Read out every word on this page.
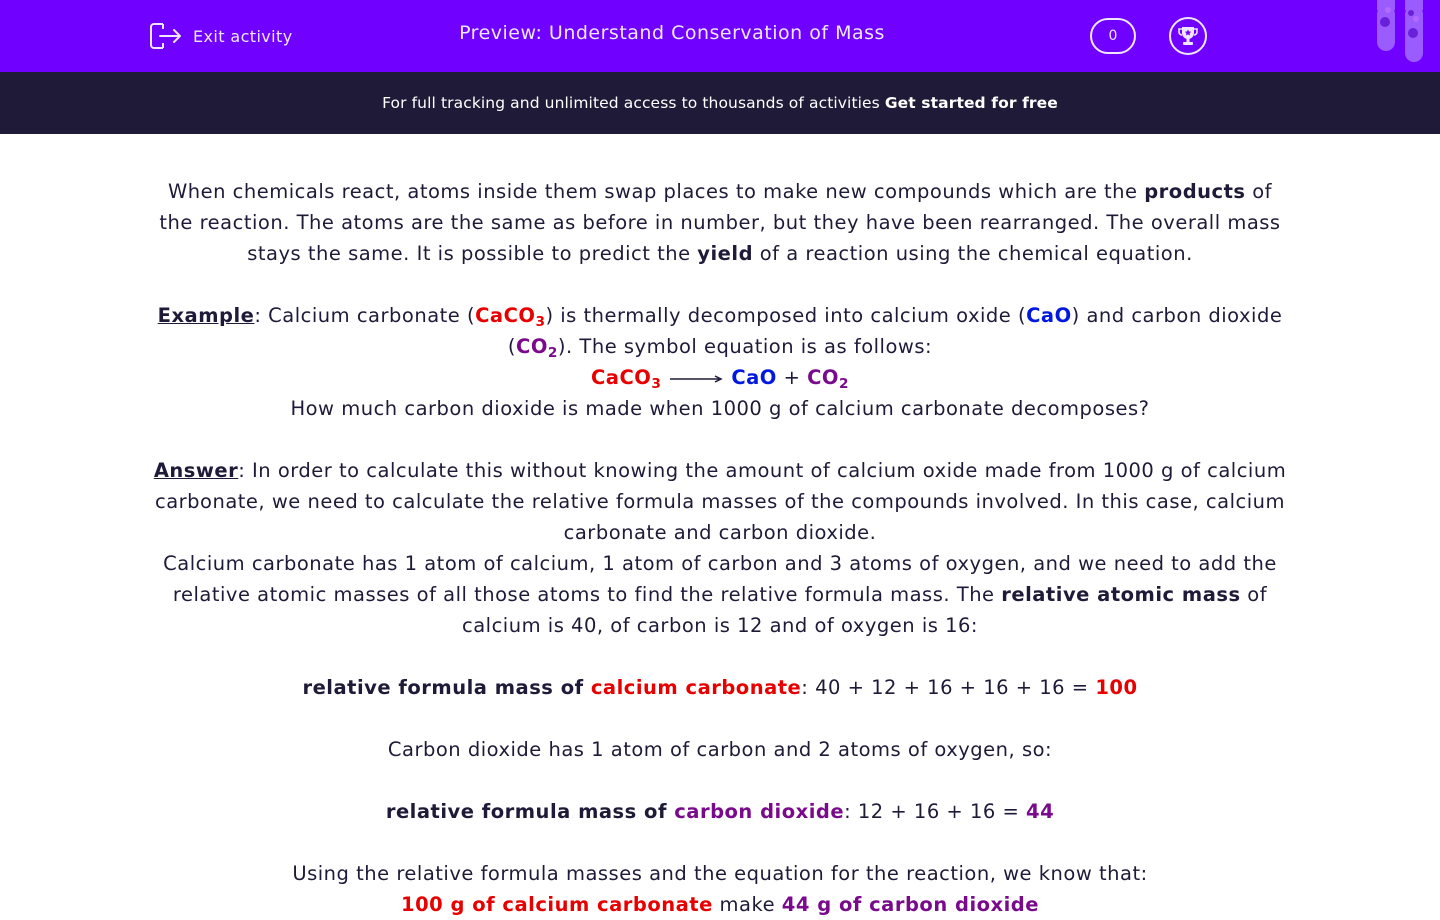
Exit activity	Preview: Understand Conservation of Mass	0
For full tracking and unlimited access to thousands of activities Get started for free

When chemicals react, atoms inside them swap places to make new compounds which are the products of the reaction. The atoms are the same as before in number, but they have been rearranged. The overall mass stays the same. It is possible to predict the yield of a reaction using the chemical equation.

Example: Calcium carbonate (CaCO$_3$) is thermally decomposed into calcium oxide (CaO) and carbon dioxide $(CO_2)$. The symbol equation is as follows:

CaCO$_3$ → CaO + $CO_2$

How much carbon dioxide is made when 1000 g of calcium carbonate decomposes?

Answer: In order to calculate this without knowing the amount of calcium oxide made from 1000 g of calcium carbonate, we need to calculate the relative formula masses of the compounds involved. In this case, calcium carbonate and carbon dioxide.

Calcium carbonate has 1 atom of calcium, 1 atom of carbon and 3 atoms of oxygen, and we need to add the relative atomic masses of all those atoms to find the relative formula mass. The relative atomic mass of calcium is 40, of carbon is 12 and of oxygen is 16:

relative formula mass of calcium carbonate: 40 + 12 + 16 + 16 + 16 = 100

Carbon dioxide has 1 atom of carbon and 2 atoms of oxygen, so:

relative formula mass of carbon dioxide: 12 + 16 + 16 = 44

Using the relative formula masses and the equation for the reaction, we know that:

100 g of calcium carbonate make 44 g of carbon dioxide
